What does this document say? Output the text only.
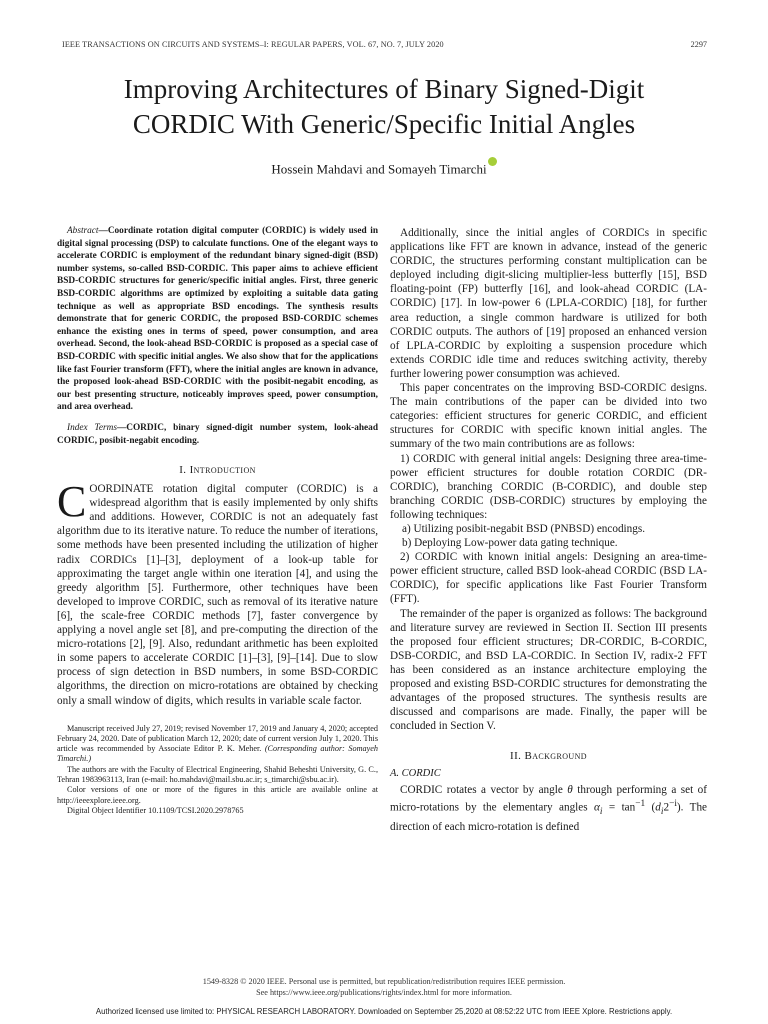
IEEE TRANSACTIONS ON CIRCUITS AND SYSTEMS–I: REGULAR PAPERS, VOL. 67, NO. 7, JULY 2020	2297
Improving Architectures of Binary Signed-Digit
CORDIC With Generic/Specific Initial Angles
Hossein Mahdavi and Somayeh Timarchi

Abstract—Coordinate rotation digital computer (CORDIC) is widely used in digital signal processing (DSP) to calculate functions. One of the elegant ways to accelerate CORDIC is employment of the redundant binary signed-digit (BSD) number systems, so-called BSD-CORDIC. This paper aims to achieve efficient BSD-CORDIC structures for generic/specific initial angles. First, three generic BSD-CORDIC algorithms are optimized by exploiting a suitable data gating technique as well as appropriate BSD encodings. The synthesis results demonstrate that for generic CORDIC, the proposed BSD-CORDIC schemes enhance the existing ones in terms of speed, power consumption, and area overhead. Second, the look-ahead BSD-CORDIC is proposed as a special case of BSD-CORDIC with specific initial angles. We also show that for the applications like fast Fourier transform (FFT), where the initial angles are known in advance, the proposed look-ahead BSD-CORDIC with the posibit-negabit encoding, as our best presenting structure, noticeably improves speed, power consumption, and area overhead.

Index Terms—CORDIC, binary signed-digit number system, look-ahead CORDIC, posibit-negabit encoding.

I. Introduction

COORDINATE rotation digital computer (CORDIC) is a widespread algorithm that is easily implemented by only shifts and additions. However, CORDIC is not an adequately fast algorithm due to its iterative nature. To reduce the number of iterations, some methods have been presented including the utilization of higher radix CORDICs [1]–[3], deployment of a look-up table for approximating the target angle within one iteration [4], and using the greedy algorithm [5]. Furthermore, other techniques have been developed to improve CORDIC, such as removal of its iterative nature [6], the scale-free CORDIC methods [7], faster convergence by applying a novel angle set [8], and pre-computing the direction of the micro-rotations [2], [9]. Also, redundant arithmetic has been exploited in some papers to accelerate CORDIC [1]–[3], [9]–[14]. Due to slow process of sign detection in BSD numbers, in some BSD-CORDIC algorithms, the direction on micro-rotations are obtained by checking only a small window of digits, which results in variable scale factor.

Manuscript received July 27, 2019; revised November 17, 2019 and January 4, 2020; accepted February 24, 2020. Date of publication March 12, 2020; date of current version July 1, 2020. This article was recommended by Associate Editor P. K. Meher. (Corresponding author: Somayeh Timarchi.)

The authors are with the Faculty of Electrical Engineering, Shahid Beheshti University, G. C., Tehran 1983963113, Iran (e-mail: ho.mahdavi@mail.sbu.ac.ir; s_timarchi@sbu.ac.ir).

Color versions of one or more of the figures in this article are available online at http://ieeexplore.ieee.org.

Digital Object Identifier 10.1109/TCSI.2020.2978765

Additionally, since the initial angles of CORDICs in specific applications like FFT are known in advance, instead of the generic CORDIC, the structures performing constant multiplication can be deployed including digit-slicing multiplier-less butterfly [15], BSD floating-point (FP) butterfly [16], and look-ahead CORDIC (LA-CORDIC) [17]. In low-power 6 (LPLA-CORDIC) [18], for further area reduction, a single common hardware is utilized for both CORDIC outputs. The authors of [19] proposed an enhanced version of LPLA-CORDIC by exploiting a suspension procedure which extends CORDIC idle time and reduces switching activity, thereby further lowering power consumption was achieved.

This paper concentrates on the improving BSD-CORDIC designs. The main contributions of the paper can be divided into two categories: efficient structures for generic CORDIC, and efficient structures for CORDIC with specific known initial angles. The summary of the two main contributions are as follows:

1) CORDIC with general initial angels: Designing three area-time-power efficient structures for double rotation CORDIC (DR-CORDIC), branching CORDIC (B-CORDIC), and double step branching CORDIC (DSB-CORDIC) structures by employing the following techniques:

a) Utilizing posibit-negabit BSD (PNBSD) encodings.

b) Deploying Low-power data gating technique.

2) CORDIC with known initial angels: Designing an area-time-power efficient structure, called BSD look-ahead CORDIC (BSD LA-CORDIC), for specific applications like Fast Fourier Transform (FFT).

The remainder of the paper is organized as follows: The background and literature survey are reviewed in Section II. Section III presents the proposed four efficient structures; DR-CORDIC, B-CORDIC, DSB-CORDIC, and BSD LA-CORDIC. In Section IV, radix-2 FFT has been considered as an instance architecture employing the proposed and existing BSD-CORDIC structures for demonstrating the advantages of the proposed structures. The synthesis results are discussed and comparisons are made. Finally, the paper will be concluded in Section V.

II. Background
A. CORDIC

CORDIC rotates a vector by angle θ through performing a set of micro-rotations by the elementary angles $\alpha_i = \tan^{-1} (d_i2^{-i})$. The direction of each micro-rotation is defined

1549-8328 © 2020 IEEE. Personal use is permitted, but republication/redistribution requires IEEE permission.
See https://www.ieee.org/publications/rights/index.html for more information.
Authorized licensed use limited to: PHYSICAL RESEARCH LABORATORY. Downloaded on September 25,2020 at 08:52:22 UTC from IEEE Xplore. Restrictions apply.
